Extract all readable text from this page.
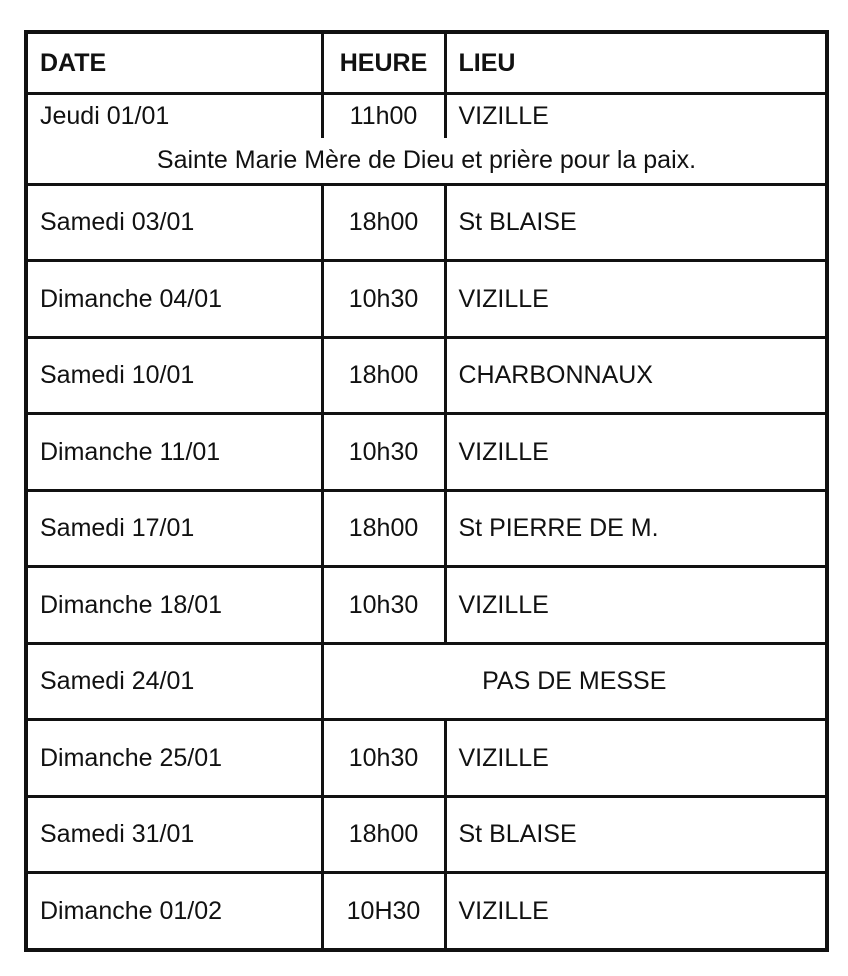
DATE	HEURE	LIEU
Jeudi 01/01	11h00	VIZILLE
Sainte Marie Mère de Dieu et prière pour la paix.		
Samedi 03/01	18h00	St BLAISE
Dimanche 04/01	10h30	VIZILLE
Samedi 10/01	18h00	CHARBONNAUX
Dimanche 11/01	10h30	VIZILLE
Samedi 17/01	18h00	St PIERRE DE M.
Dimanche 18/01	10h30	VIZILLE
Samedi 24/01	PAS DE MESSE	
Dimanche 25/01	10h30	VIZILLE
Samedi 31/01	18h00	St BLAISE
Dimanche 01/02	10H30	VIZILLE
